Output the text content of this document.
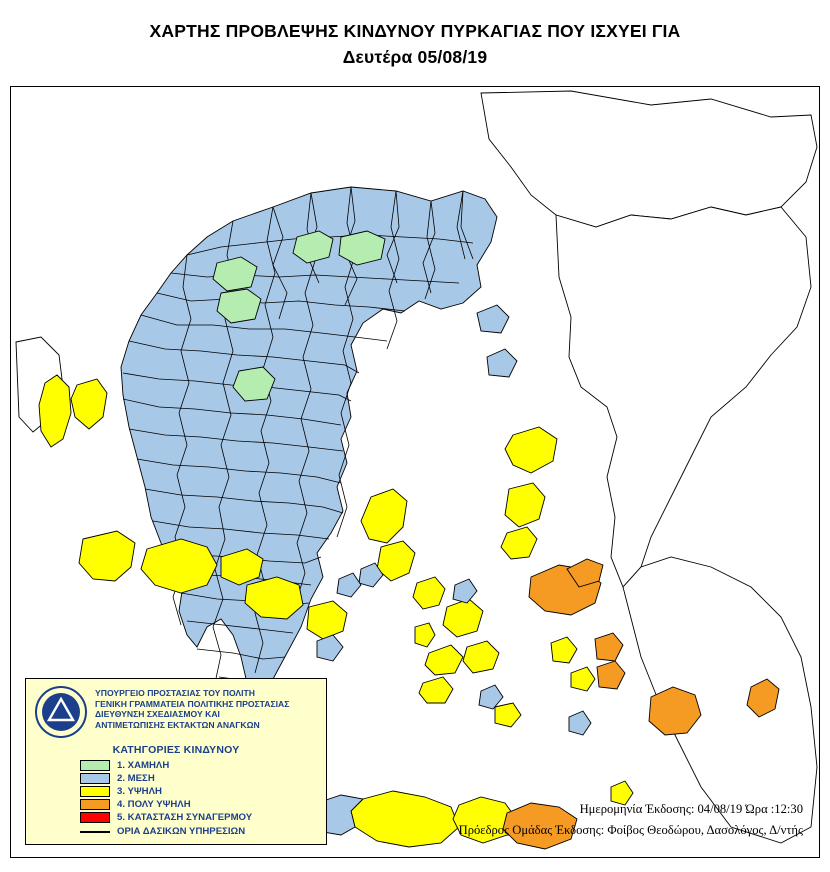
ΧΑΡΤΗΣ ΠΡΟΒΛΕΨΗΣ ΚΙΝΔΥΝΟΥ ΠΥΡΚΑΓΙΑΣ ΠΟΥ ΙΣΧΥΕΙ ΓΙΑ
Δευτέρα 05/08/19
ΥΠΟΥΡΓΕΙΟ ΠΡΟΣΤΑΣΙΑΣ ΤΟΥ ΠΟΛΙΤΗ
ΓΕΝΙΚΗ ΓΡΑΜΜΑΤΕΙΑ ΠΟΛΙΤΙΚΗΣ ΠΡΟΣΤΑΣΙΑΣ
ΔΙΕΥΘΥΝΣΗ ΣΧΕΔΙΑΣΜΟΥ ΚΑΙ
ΑΝΤΙΜΕΤΩΠΙΣΗΣ ΕΚΤΑΚΤΩΝ ΑΝΑΓΚΩΝ
ΚΑΤΗΓΟΡΙΕΣ ΚΙΝΔΥΝΟΥ
1. ΧΑΜΗΛΗ
2. ΜΕΣΗ
3. ΥΨΗΛΗ
4. ΠΟΛΥ ΥΨΗΛΗ
5. ΚΑΤΑΣΤΑΣΗ ΣΥΝΑΓΕΡΜΟΥ
ΟΡΙΑ ΔΑΣΙΚΩΝ ΥΠΗΡΕΣΙΩΝ
Ημερομηνία Έκδοσης: 04/08/19 Ώρα :12:30
Πρόεδρος Ομάδας Έκδοσης: Φοίβος Θεοδώρου, Δασολόγος, Δ/ντής
